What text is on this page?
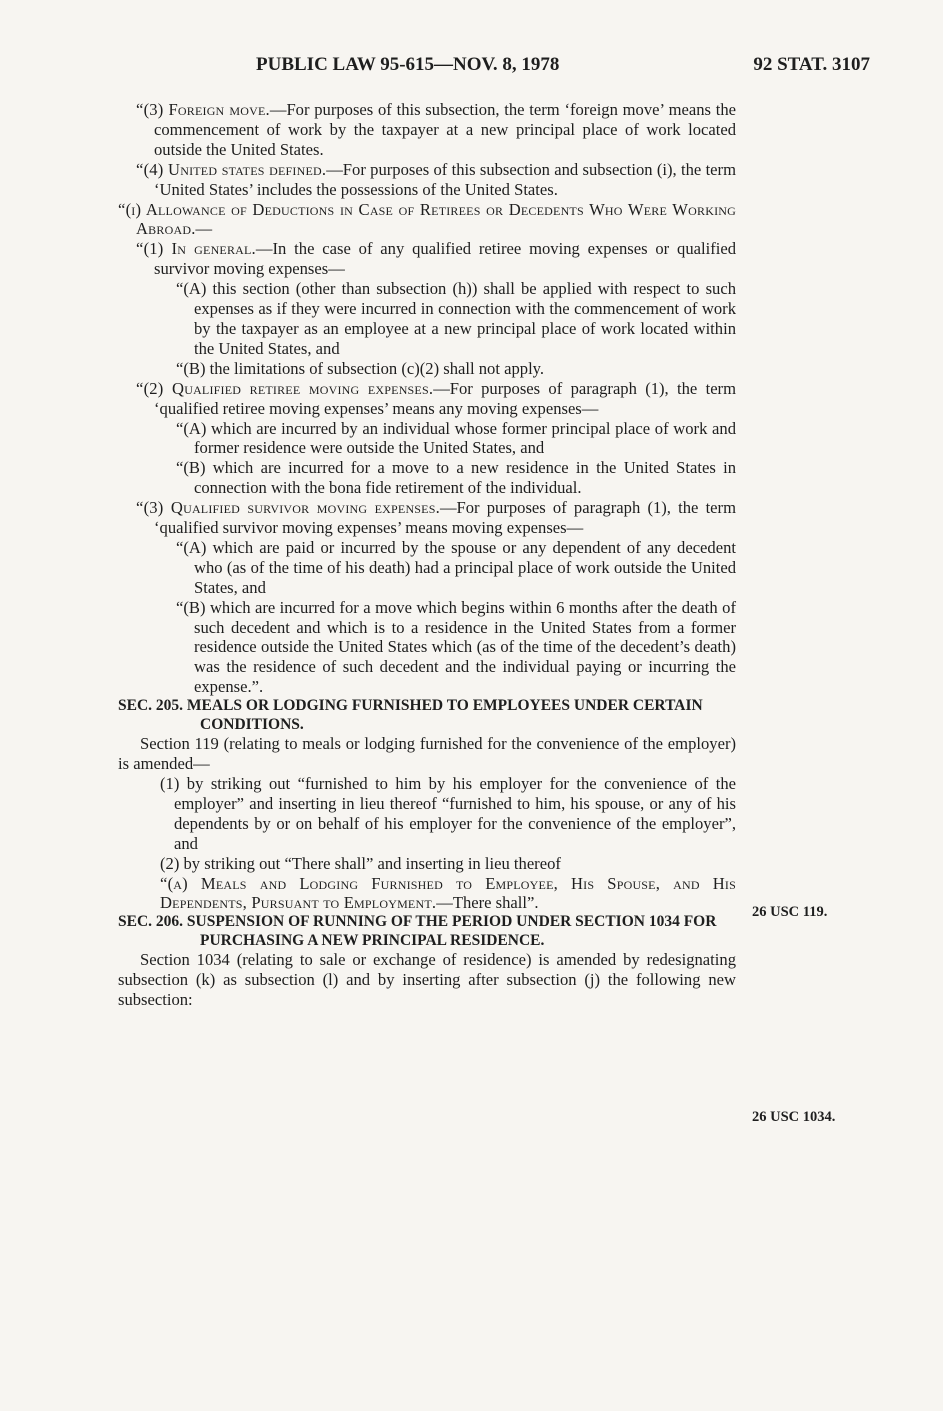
PUBLIC LAW 95-615—NOV. 8, 1978	92 STAT. 3107

“(3) Foreign move.—For purposes of this subsection, the term ‘foreign move’ means the commencement of work by the taxpayer at a new principal place of work located outside the United States.

“(4) United states defined.—For purposes of this subsection and subsection (i), the term ‘United States’ includes the possessions of the United States.

“(i) Allowance of Deductions in Case of Retirees or Decedents Who Were Working Abroad.—

“(1) In general.—In the case of any qualified retiree moving expenses or qualified survivor moving expenses—

“(A) this section (other than subsection (h)) shall be applied with respect to such expenses as if they were incurred in connection with the commencement of work by the taxpayer as an employee at a new principal place of work located within the United States, and

“(B) the limitations of subsection (c)(2) shall not apply.

“(2) Qualified retiree moving expenses.—For purposes of paragraph (1), the term ‘qualified retiree moving expenses’ means any moving expenses—

“(A) which are incurred by an individual whose former principal place of work and former residence were outside the United States, and

“(B) which are incurred for a move to a new residence in the United States in connection with the bona fide retirement of the individual.

“(3) Qualified survivor moving expenses.—For purposes of paragraph (1), the term ‘qualified survivor moving expenses’ means moving expenses—

“(A) which are paid or incurred by the spouse or any dependent of any decedent who (as of the time of his death) had a principal place of work outside the United States, and

“(B) which are incurred for a move which begins within 6 months after the death of such decedent and which is to a residence in the United States from a former residence outside the United States which (as of the time of the decedent’s death) was the residence of such decedent and the individual paying or incurring the expense.”.

SEC. 205. MEALS OR LODGING FURNISHED TO EMPLOYEES UNDER CERTAIN CONDITIONS.

Section 119 (relating to meals or lodging furnished for the convenience of the employer) is amended—

(1) by striking out “furnished to him by his employer for the convenience of the employer” and inserting in lieu thereof “furnished to him, his spouse, or any of his dependents by or on behalf of his employer for the convenience of the employer”, and

(2) by striking out “There shall” and inserting in lieu thereof

“(a) Meals and Lodging Furnished to Employee, His Spouse, and His Dependents, Pursuant to Employment.—There shall”.

SEC. 206. SUSPENSION OF RUNNING OF THE PERIOD UNDER SECTION 1034 FOR PURCHASING A NEW PRINCIPAL RESIDENCE.

Section 1034 (relating to sale or exchange of residence) is amended by redesignating subsection (k) as subsection (l) and by inserting after subsection (j) the following new subsection:

26 USC 119.
26 USC 1034.
